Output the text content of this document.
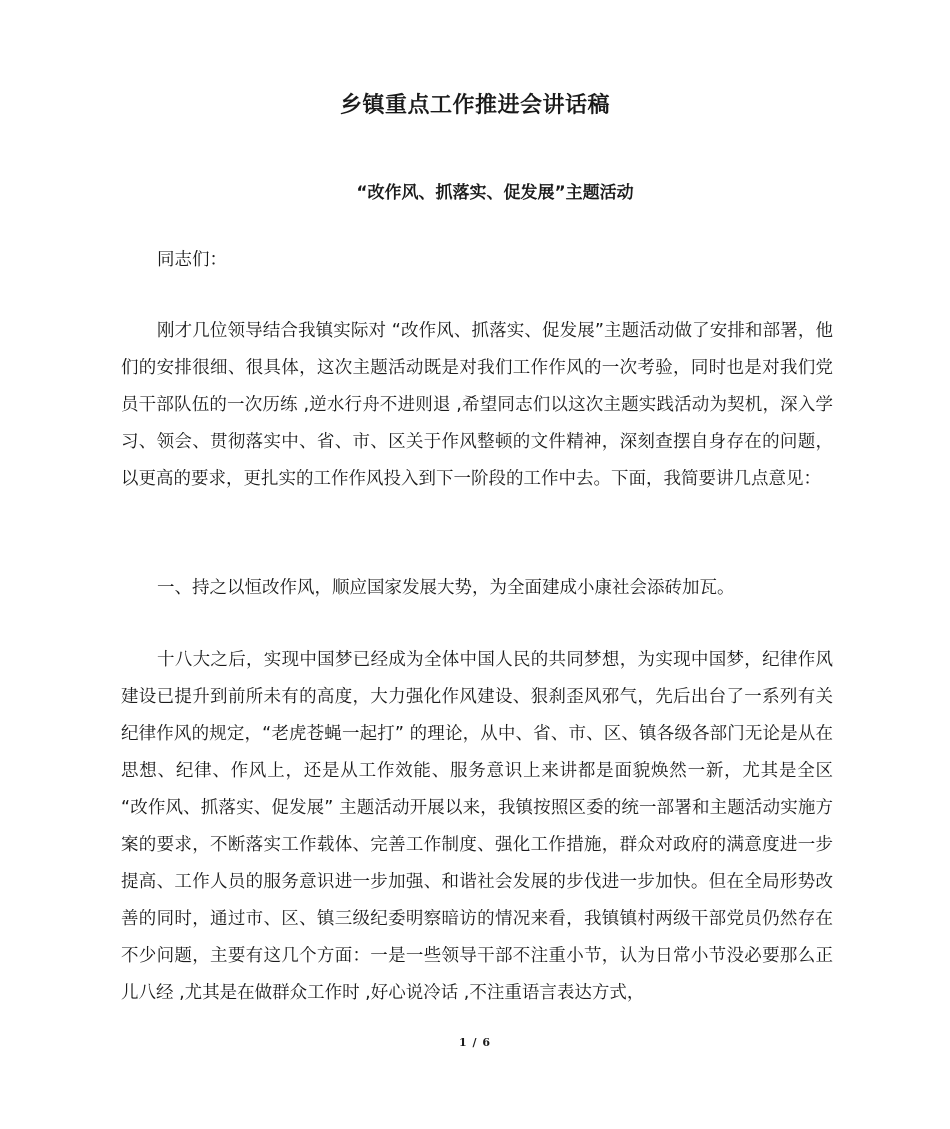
乡镇重点工作推进会讲话稿
“改作风、抓落实、促发展”主题活动

同志们：

刚才几位领导结合我镇实际对 “改作风、抓落实、促发展”主题活动做了安排和部署，他们的安排很细、很具体，这次主题活动既是对我们工作作风的一次考验，同时也是对我们党员干部队伍的一次历练 ,逆水行舟不进则退 ,希望同志们以这次主题实践活动为契机，深入学习、领会、贯彻落实中、省、市、区关于作风整顿的文件精神，深刻查摆自身存在的问题，以更高的要求，更扎实的工作作风投入到下一阶段的工作中去。下面，我简要讲几点意见：

一、持之以恒改作风，顺应国家发展大势，为全面建成小康社会添砖加瓦。

十八大之后，实现中国梦已经成为全体中国人民的共同梦想，为实现中国梦，纪律作风建设已提升到前所未有的高度，大力强化作风建设、狠刹歪风邪气，先后出台了一系列有关纪律作风的规定，“老虎苍蝇一起打” 的理论，从中、省、市、区、镇各级各部门无论是从在思想、纪律、作风上，还是从工作效能、服务意识上来讲都是面貌焕然一新，尤其是全区 “改作风、抓落实、促发展” 主题活动开展以来，我镇按照区委的统一部署和主题活动实施方案的要求，不断落实工作载体、完善工作制度、强化工作措施，群众对政府的满意度进一步提高、工作人员的服务意识进一步加强、和谐社会发展的步伐进一步加快。但在全局形势改善的同时，通过市、区、镇三级纪委明察暗访的情况来看，我镇镇村两级干部党员仍然存在不少问题，主要有这几个方面：一是一些领导干部不注重小节，认为日常小节没必要那么正儿八经 ,尤其是在做群众工作时 ,好心说冷话 ,不注重语言表达方式，

1 / 6
